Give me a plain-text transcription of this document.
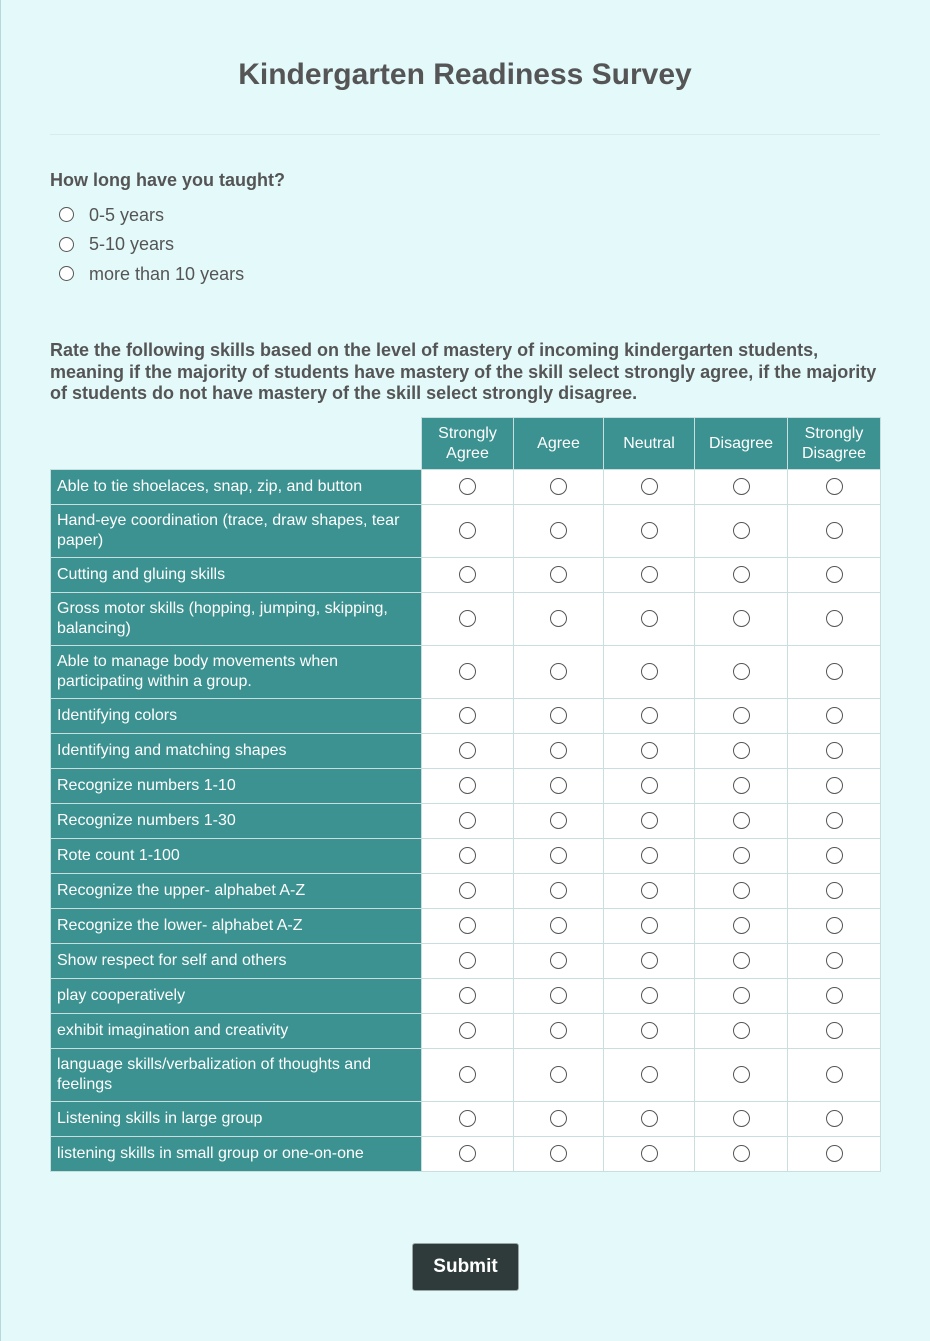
Kindergarten Readiness Survey
How long have you taught?
0-5 years
5-10 years
more than 10 years
Rate the following skills based on the level of mastery of incoming kindergarten students, meaning if the majority of students have mastery of the skill select strongly agree, if the majority of students do not have mastery of the skill select strongly disagree.
	Strongly Agree	Agree	Neutral	Disagree	Strongly Disagree
Able to tie shoelaces, snap, zip, and button					
Hand-eye coordination (trace, draw shapes, tear paper)					
Cutting and gluing skills					
Gross motor skills (hopping, jumping, skipping, balancing)					
Able to manage body movements when participating within a group.					
Identifying colors					
Identifying and matching shapes					
Recognize numbers 1-10					
Recognize numbers 1-30					
Rote count 1-100					
Recognize the upper- alphabet A-Z					
Recognize the lower- alphabet A-Z					
Show respect for self and others					
play cooperatively					
exhibit imagination and creativity					
language skills/verbalization of thoughts and feelings					
Listening skills in large group					
listening skills in small group or one-on-one					
Submit
